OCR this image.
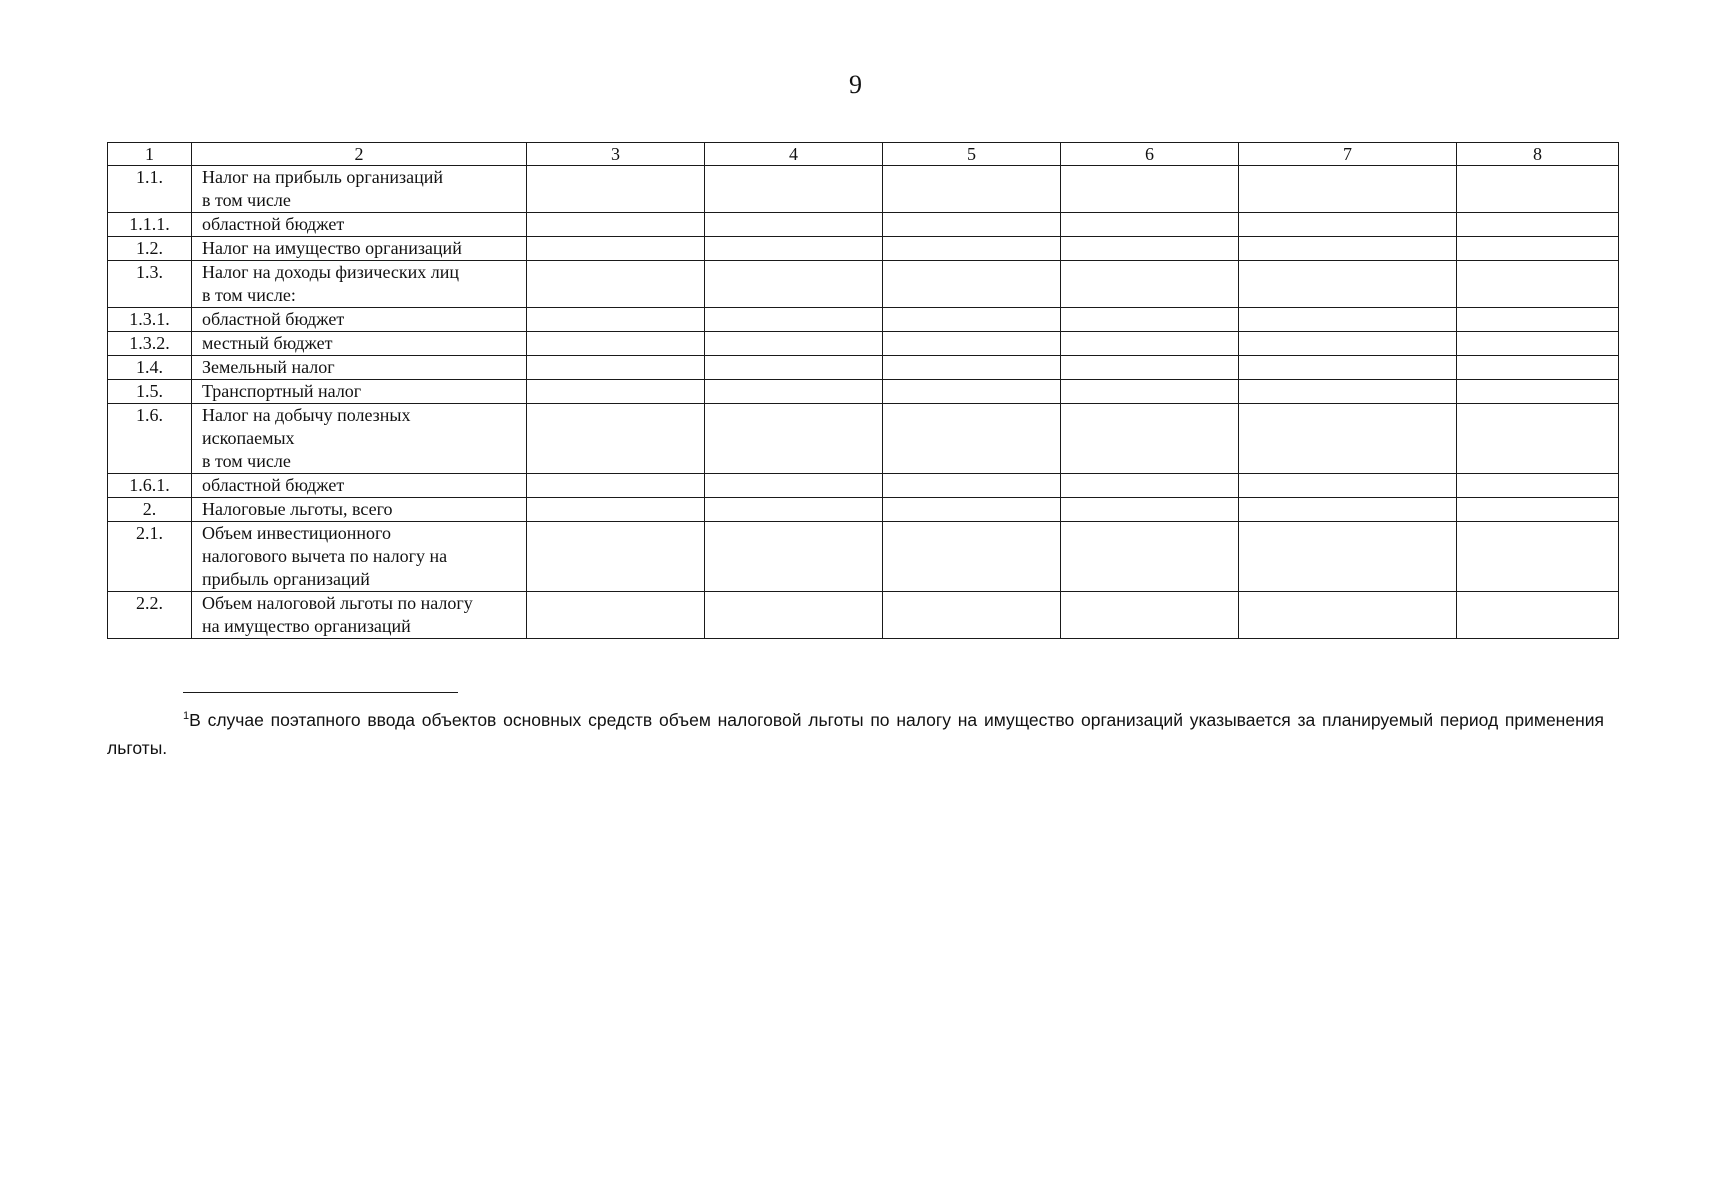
9
1	2	3	4	5	6	7	8
1.1.	Налог на прибыль организаций
в том числе						

1.1.1.	областной бюджет						

1.2.	Налог на имущество организаций						

1.3.	Налог на доходы физических лиц
в том числе:						

1.3.1.	областной бюджет						

1.3.2.	местный бюджет						

1.4.	Земельный налог						

1.5.	Транспортный налог						

1.6.	Налог на добычу полезных
ископаемых
в том числе						

1.6.1.	областной бюджет						

2.	Налоговые льготы, всего						

2.1.	Объем инвестиционного
налогового вычета по налогу на
прибыль организаций						

2.2.	Объем налоговой льготы по налогу
на имущество организаций						

$^1$В случае поэтапного ввода объектов основных средств объем налоговой льготы по налогу на имущество организаций указывается за планируемый период применения льготы.
